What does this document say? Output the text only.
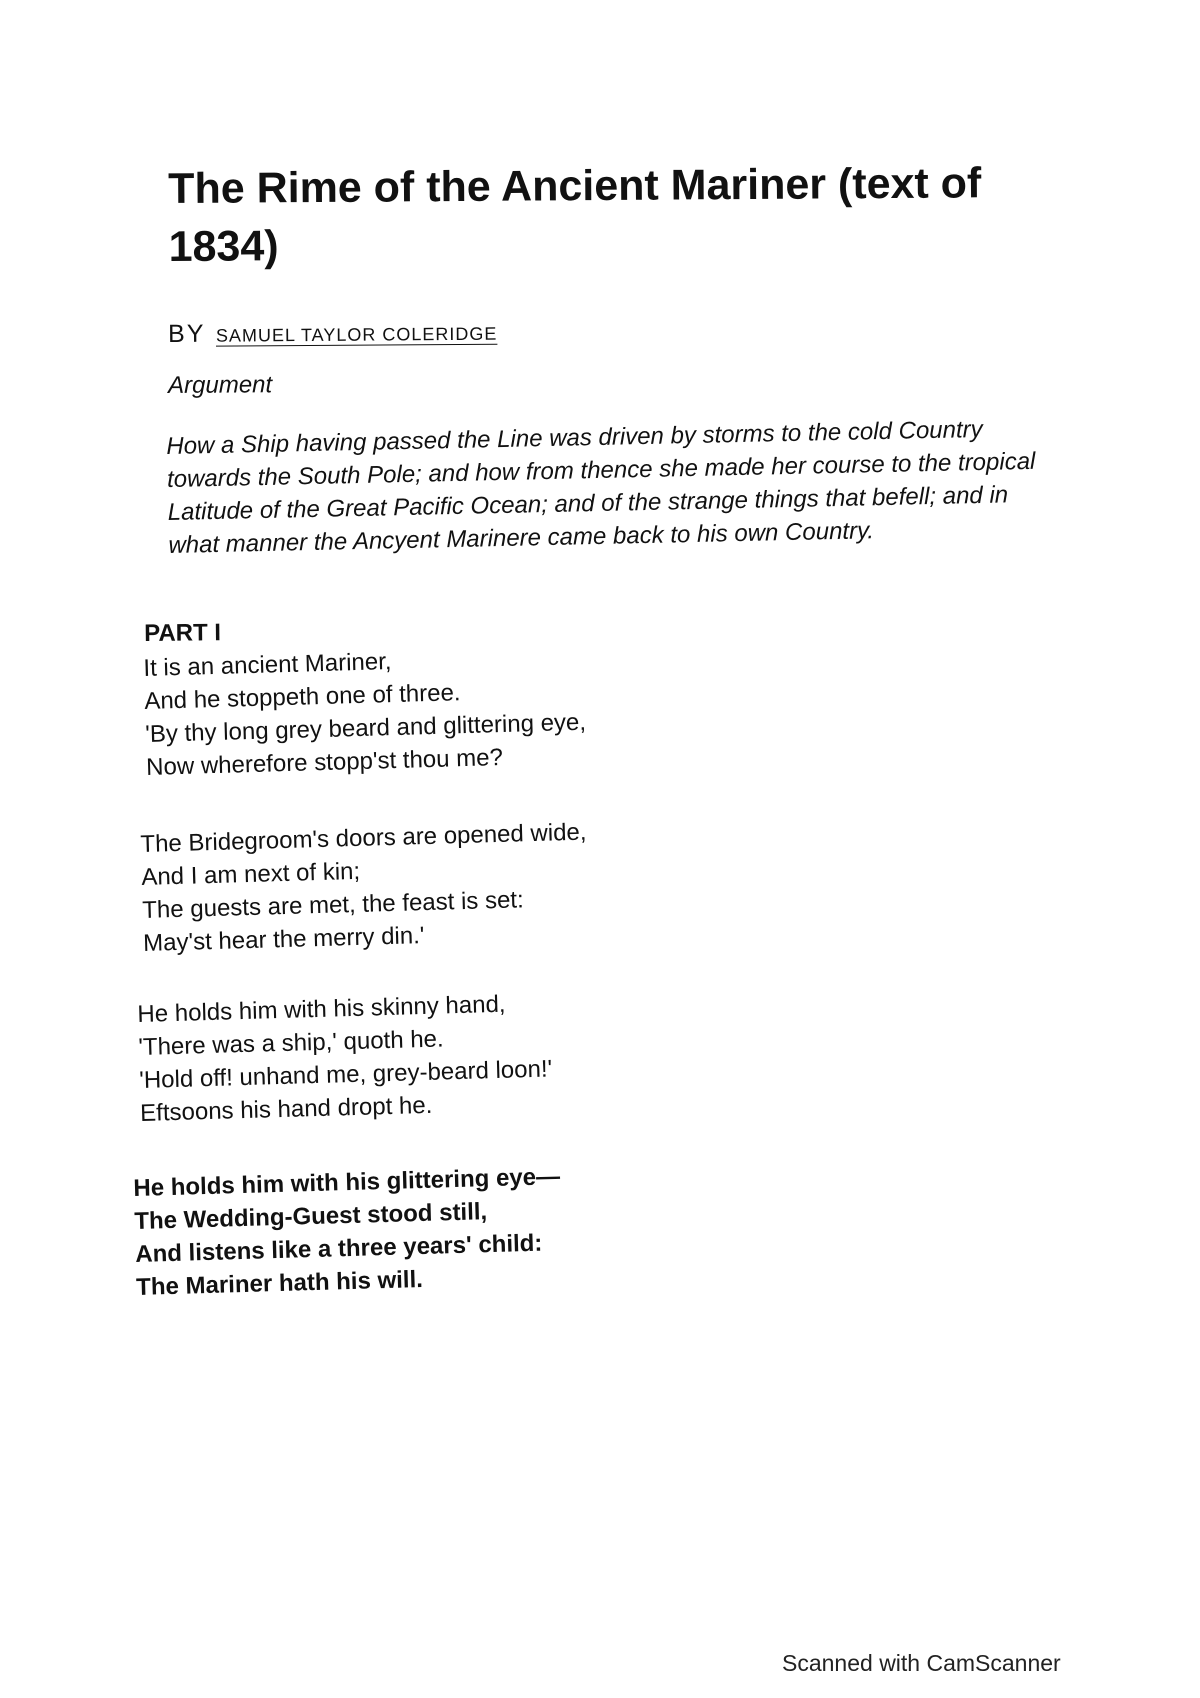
The Rime of the Ancient Mariner (text of 1834)
BY SAMUEL TAYLOR COLERIDGE
Argument

How a Ship having passed the Line was driven by storms to the cold Country towards the South Pole; and how from thence she made her course to the tropical Latitude of the Great Pacific Ocean; and of the strange things that befell; and in what manner the Ancyent Marinere came back to his own Country.

PART I
It is an ancient Mariner,
And he stoppeth one of three.
'By thy long grey beard and glittering eye,
Now wherefore stopp'st thou me?
The Bridegroom's doors are opened wide,
And I am next of kin;
The guests are met, the feast is set:
May'st hear the merry din.'
He holds him with his skinny hand,
'There was a ship,' quoth he.
'Hold off! unhand me, grey-beard loon!'
Eftsoons his hand dropt he.
He holds him with his glittering eye—
The Wedding-Guest stood still,
And listens like a three years' child:
The Mariner hath his will.
Scanned with CamScanner
